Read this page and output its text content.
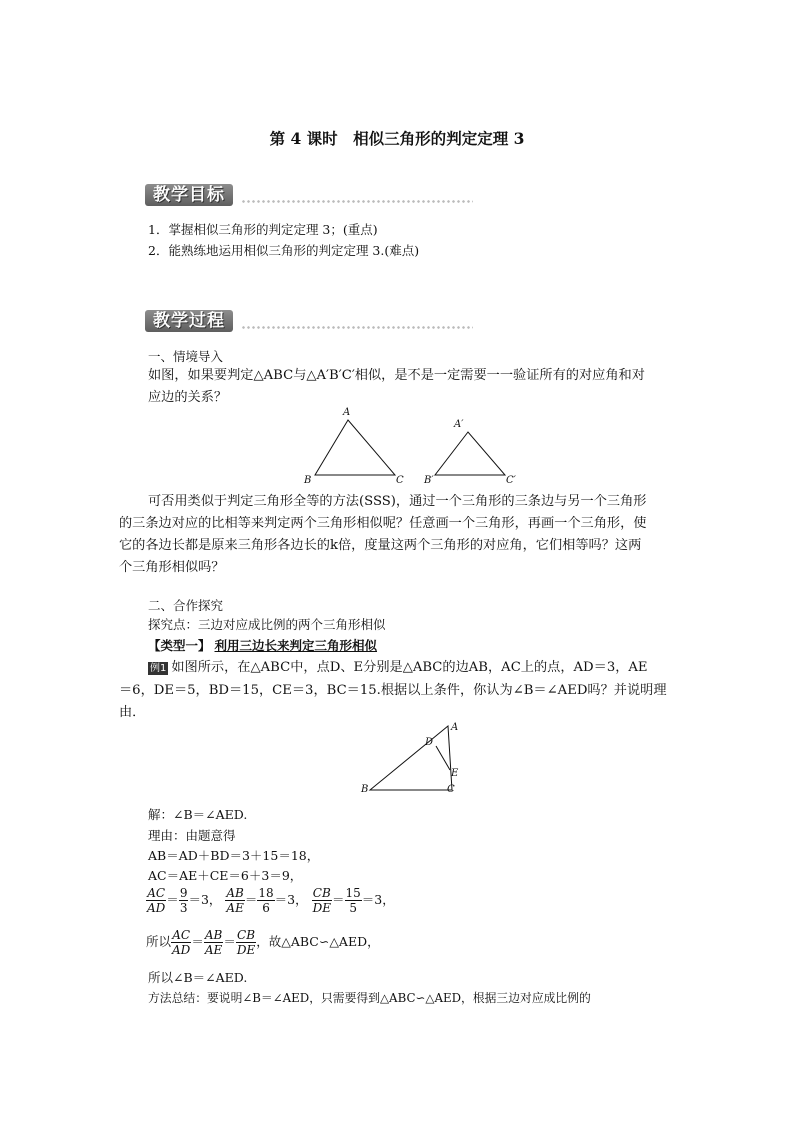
第 4 课时　相似三角形的判定定理 3
教学目标
1．掌握相似三角形的判定定理 3；(重点)
2．能熟练地运用相似三角形的判定定理 3.(难点)
教学过程
一、情境导入
如图，如果要判定△ABC与△A′B′C′相似，是不是一定需要一一验证所有的对应角和对
应边的关系？
A
B	C
A′
B′	C′
可否用类似于判定三角形全等的方法(SSS)，通过一个三角形的三条边与另一个三角形
的三条边对应的比相等来判定两个三角形相似呢？任意画一个三角形，再画一个三角形，使
它的各边长都是原来三角形各边长的k倍，度量这两个三角形的对应角，它们相等吗？这两
个三角形相似吗？
二、合作探究
探究点：三边对应成比例的两个三角形相似
【类型一】 利用三边长来判定三角形相似
例1 如图所示，在△ABC中，点D、E分别是△ABC的边AB，AC上的点，AD＝3，AE
＝6，DE＝5，BD＝15，CE＝3，BC＝15.根据以上条件，你认为∠B＝∠AED吗？并说明理
由．
A
B	C
D
E
解：∠B＝∠AED.
理由：由题意得
AB＝AD＋BD＝3＋15＝18，
AC＝AE＋CE＝6＋3＝9，
$\frac{AC}{AD} = \frac{9}{3} =3$， $\frac{AB}{AE} = \frac{18}{6} =3$， $\frac{CB}{DE} = \frac{15}{5} =3$，
所以 $\frac{AC}{AD} = \frac{AB}{AE} = \frac{CB}{DE}$ ，故△ABC∽△AED，
所以∠B＝∠AED.
方法总结：要说明∠B＝∠AED，只需要得到△ABC∽△AED，根据三边对应成比例的
